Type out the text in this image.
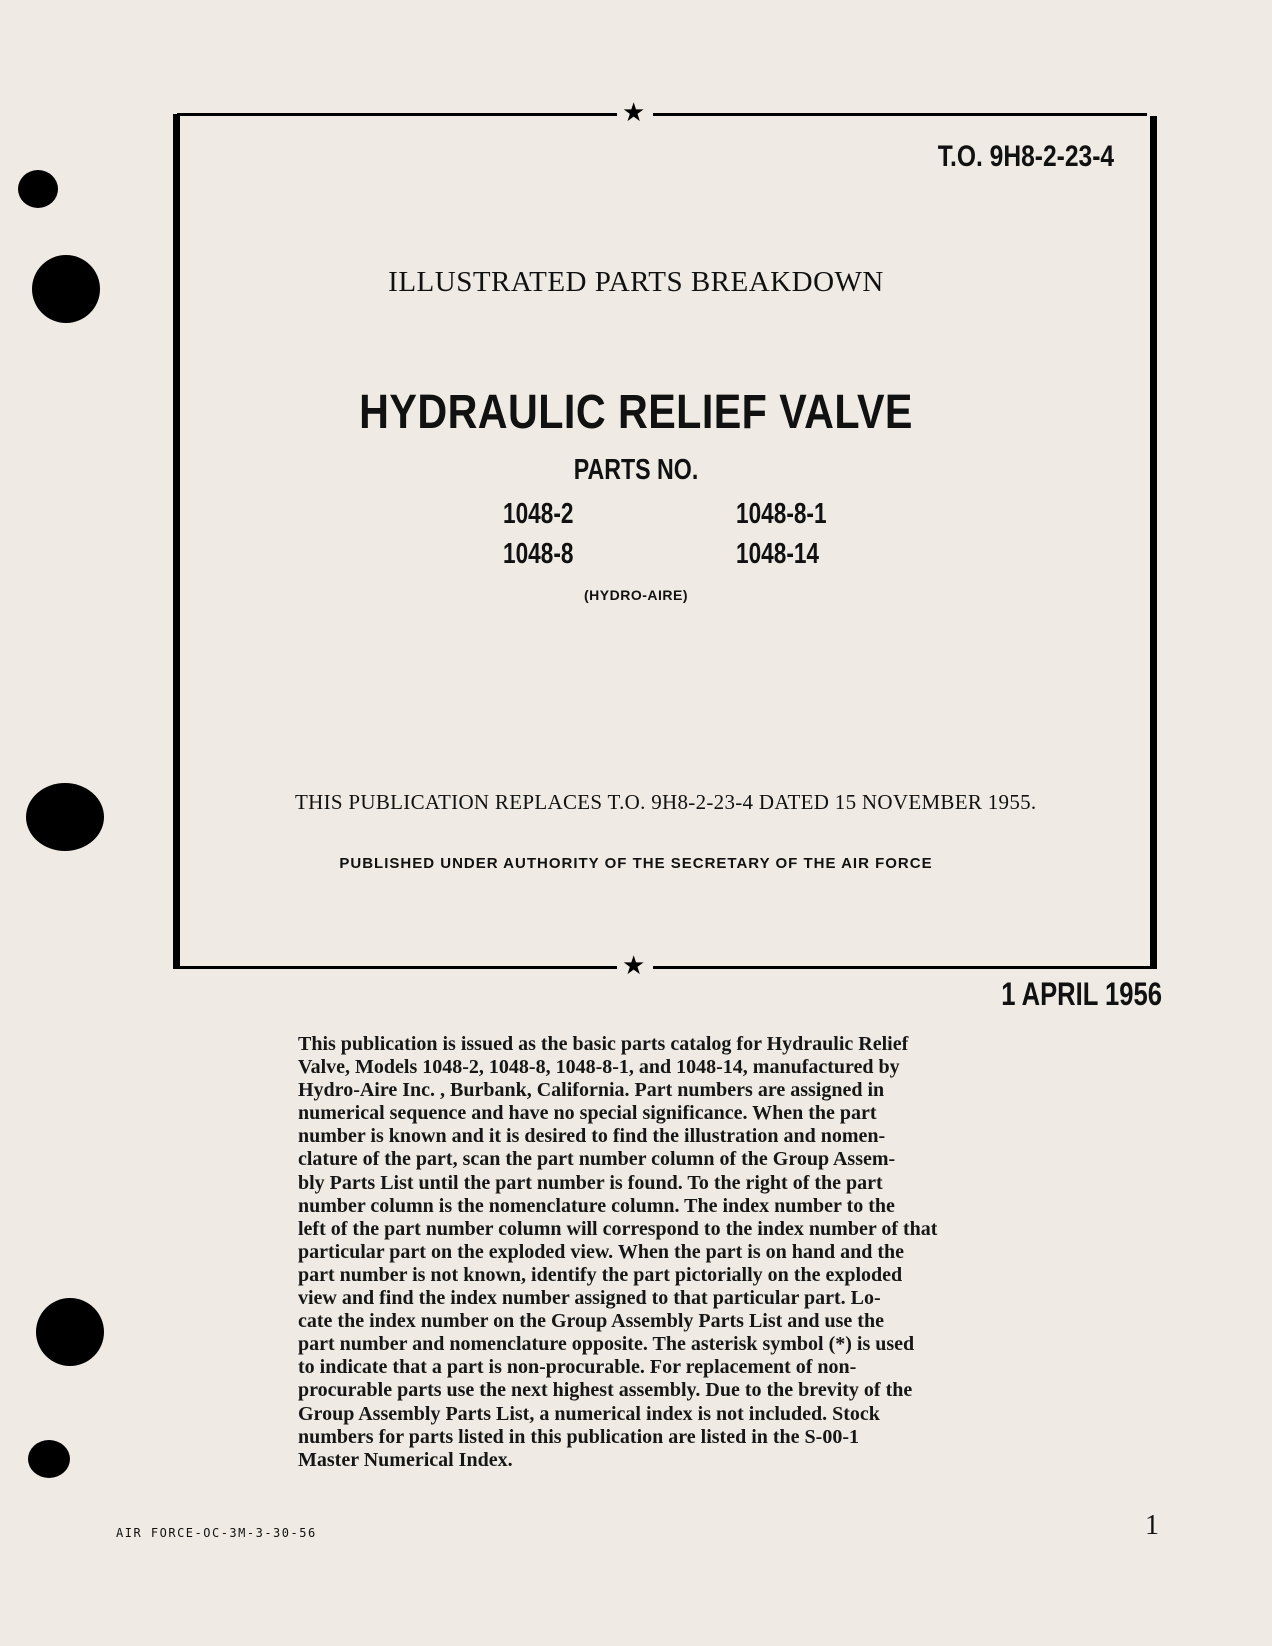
★
★
T.O. 9H8-2-23-4
ILLUSTRATED PARTS BREAKDOWN
HYDRAULIC RELIEF VALVE
PARTS NO.
1048-2	1048-8-1
1048-8	1048-14
(HYDRO-AIRE)
THIS PUBLICATION REPLACES T.O. 9H8-2-23-4 DATED 15 NOVEMBER 1955.
PUBLISHED UNDER AUTHORITY OF THE SECRETARY OF THE AIR FORCE
1 APRIL 1956
This publication is issued as the basic parts catalog for Hydraulic Relief
Valve, Models 1048-2, 1048-8, 1048-8-1, and 1048-14, manufactured by
Hydro-Aire Inc. , Burbank, California. Part numbers are assigned in
numerical sequence and have no special significance. When the part
number is known and it is desired to find the illustration and nomen-
clature of the part, scan the part number column of the Group Assem-
bly Parts List until the part number is found. To the right of the part
number column is the nomenclature column. The index number to the
left of the part number column will correspond to the index number of that
particular part on the exploded view. When the part is on hand and the
part number is not known, identify the part pictorially on the exploded
view and find the index number assigned to that particular part. Lo-
cate the index number on the Group Assembly Parts List and use the
part number and nomenclature opposite. The asterisk symbol (*) is used
to indicate that a part is non-procurable. For replacement of non-
procurable parts use the next highest assembly. Due to the brevity of the
Group Assembly Parts List, a numerical index is not included. Stock
numbers for parts listed in this publication are listed in the S-00-1
Master Numerical Index.
AIR FORCE-OC-3M-3-30-56	1
